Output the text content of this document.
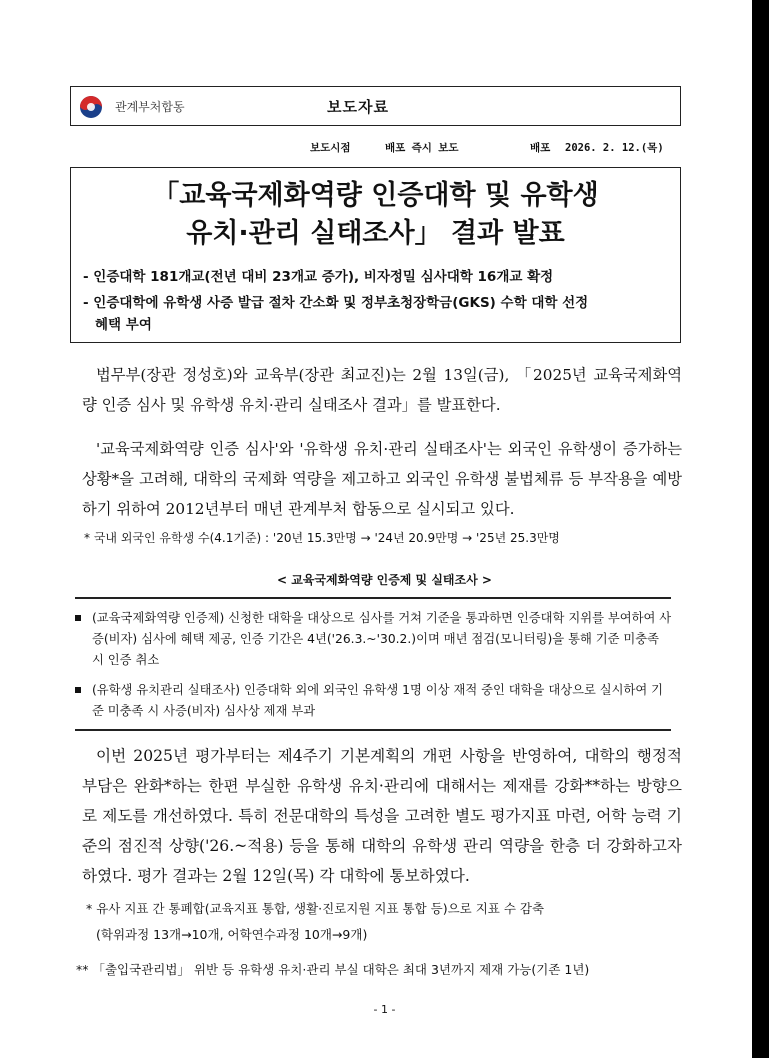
관계부처합동	보도자료
보도시점	배포 즉시 보도	배포 2026. 2. 12.(목)
「교육국제화역량 인증대학 및 유학생
유치·관리 실태조사」 결과 발표
- 인증대학 181개교(전년 대비 23개교 증가), 비자정밀 심사대학 16개교 확정
- 인증대학에 유학생 사증 발급 절차 간소화 및 정부초청장학금(GKS) 수학 대학 선정
혜택 부여
법무부(장관 정성호)와 교육부(장관 최교진)는 2월 13일(금), 「2025년 교육국제화역량 인증 심사 및 유학생 유치·관리 실태조사 결과」를 발표한다.
'교육국제화역량 인증 심사'와 '유학생 유치·관리 실태조사'는 외국인 유학생이 증가하는 상황*을 고려해, 대학의 국제화 역량을 제고하고 외국인 유학생 불법체류 등 부작용을 예방하기 위하여 2012년부터 매년 관계부처 합동으로 실시되고 있다.
* 국내 외국인 유학생 수(4.1기준) : '20년 15.3만명 → '24년 20.9만명 → '25년 25.3만명
< 교육국제화역량 인증제 및 실태조사 >
(교육국제화역량 인증제) 신청한 대학을 대상으로 심사를 거쳐 기준을 통과하면 인증대학 지위를 부여하여 사증(비자) 심사에 혜택 제공, 인증 기간은 4년('26.3.~'30.2.)이며 매년 점검(모니터링)을 통해 기준 미충족 시 인증 취소
(유학생 유치관리 실태조사) 인증대학 외에 외국인 유학생 1명 이상 재적 중인 대학을 대상으로 실시하여 기준 미충족 시 사증(비자) 심사상 제재 부과
이번 2025년 평가부터는 제4주기 기본계획의 개편 사항을 반영하여, 대학의 행정적 부담은 완화*하는 한편 부실한 유학생 유치·관리에 대해서는 제재를 강화**하는 방향으로 제도를 개선하였다. 특히 전문대학의 특성을 고려한 별도 평가지표 마련, 어학 능력 기준의 점진적 상향('26.~적용) 등을 통해 대학의 유학생 관리 역량을 한층 더 강화하고자 하였다. 평가 결과는 2월 12일(목) 각 대학에 통보하였다.
* 유사 지표 간 통폐합(교육지표 통합, 생활·진로지원 지표 통합 등)으로 지표 수 감축
(학위과정 13개→10개, 어학연수과정 10개→9개)
** 「출입국관리법」 위반 등 유학생 유치·관리 부실 대학은 최대 3년까지 제재 가능(기존 1년)
- 1 -
